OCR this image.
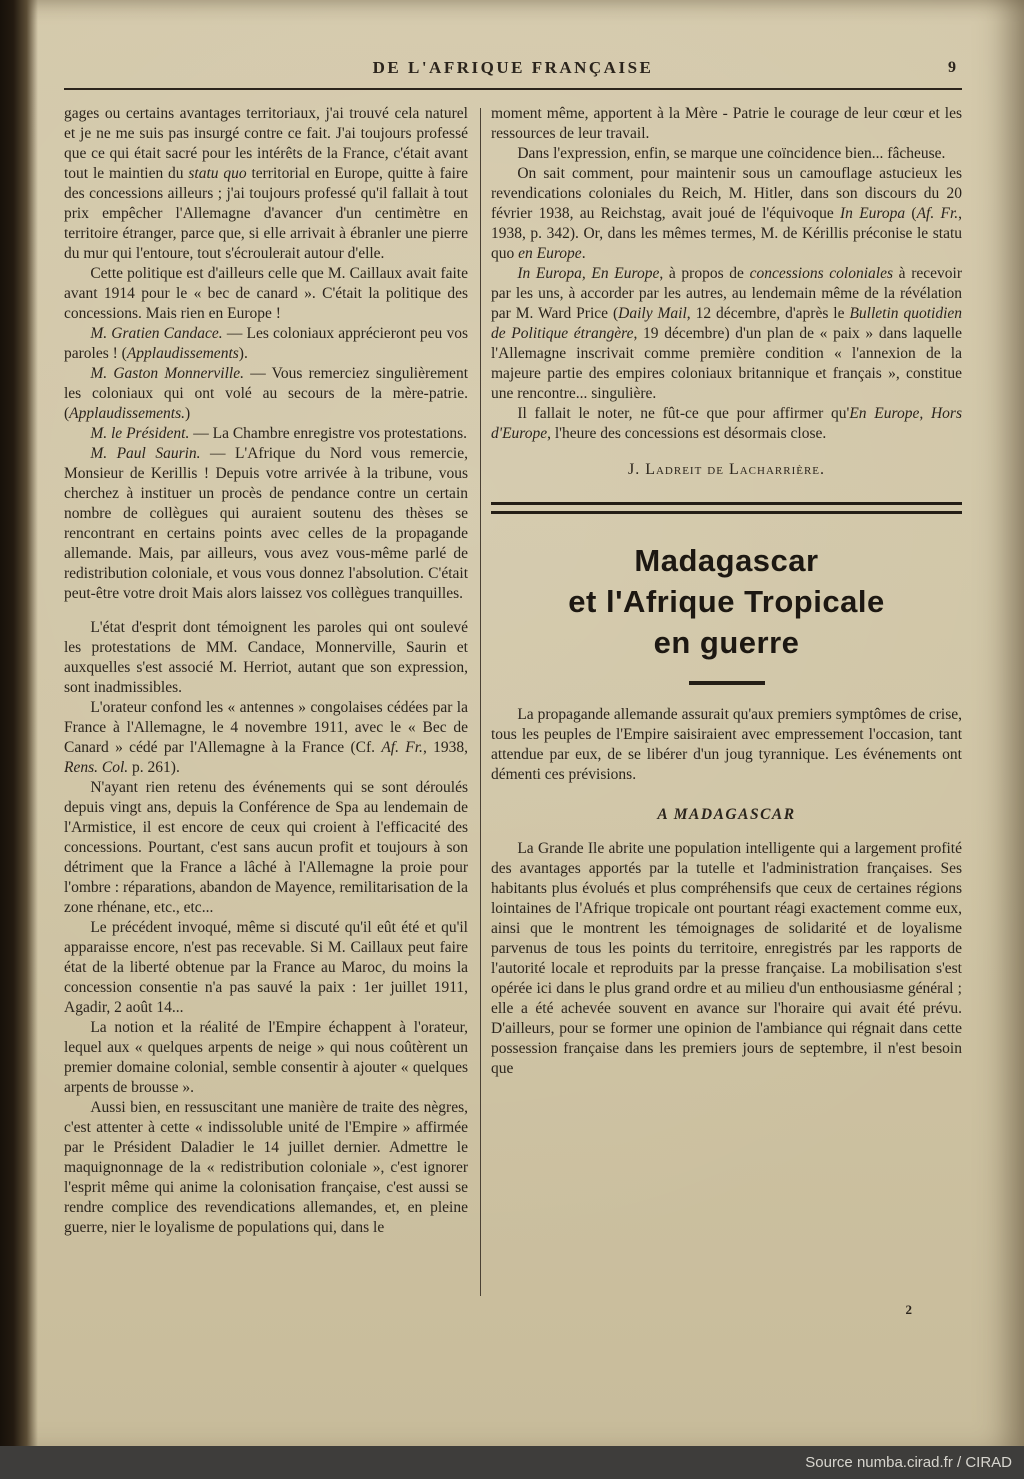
DE L'AFRIQUE FRANÇAISE	9

gages ou certains avantages territoriaux, j'ai trouvé cela naturel et je ne me suis pas insurgé contre ce fait. J'ai toujours professé que ce qui était sacré pour les intérêts de la France, c'était avant tout le maintien du statu quo territorial en Europe, quitte à faire des concessions ailleurs ; j'ai toujours professé qu'il fallait à tout prix empêcher l'Allemagne d'avancer d'un centimètre en territoire étranger, parce que, si elle arrivait à ébranler une pierre du mur qui l'entoure, tout s'écroulerait autour d'elle.

Cette politique est d'ailleurs celle que M. Caillaux avait faite avant 1914 pour le « bec de canard ». C'était la politique des concessions. Mais rien en Europe !

M. Gratien Candace. — Les coloniaux apprécieront peu vos paroles ! (Applaudissements).

M. Gaston Monnerville. — Vous remerciez singulièrement les coloniaux qui ont volé au secours de la mère-patrie. (Applaudissements.)

M. le Président. — La Chambre enregistre vos protestations.

M. Paul Saurin. — L'Afrique du Nord vous remercie, Monsieur de Kerillis ! Depuis votre arrivée à la tribune, vous cherchez à instituer un procès de pendance contre un certain nombre de collègues qui auraient soutenu des thèses se rencontrant en certains points avec celles de la propagande allemande. Mais, par ailleurs, vous avez vous-même parlé de redistribution coloniale, et vous vous donnez l'absolution. C'était peut-être votre droit Mais alors laissez vos collègues tranquilles.

L'état d'esprit dont témoignent les paroles qui ont soulevé les protestations de MM. Candace, Monnerville, Saurin et auxquelles s'est associé M. Herriot, autant que son expression, sont inadmissibles.

L'orateur confond les « antennes » congolaises cédées par la France à l'Allemagne, le 4 novembre 1911, avec le « Bec de Canard » cédé par l'Allemagne à la France (Cf. Af. Fr., 1938, Rens. Col. p. 261).

N'ayant rien retenu des événements qui se sont déroulés depuis vingt ans, depuis la Conférence de Spa au lendemain de l'Armistice, il est encore de ceux qui croient à l'efficacité des concessions. Pourtant, c'est sans aucun profit et toujours à son détriment que la France a lâché à l'Allemagne la proie pour l'ombre : réparations, abandon de Mayence, remilitarisation de la zone rhénane, etc., etc...

Le précédent invoqué, même si discuté qu'il eût été et qu'il apparaisse encore, n'est pas recevable. Si M. Caillaux peut faire état de la liberté obtenue par la France au Maroc, du moins la concession consentie n'a pas sauvé la paix : 1er juillet 1911, Agadir, 2 août 14...

La notion et la réalité de l'Empire échappent à l'orateur, lequel aux « quelques arpents de neige » qui nous coûtèrent un premier domaine colonial, semble consentir à ajouter « quelques arpents de brousse ».

Aussi bien, en ressuscitant une manière de traite des nègres, c'est attenter à cette « indissoluble unité de l'Empire » affirmée par le Président Daladier le 14 juillet dernier. Admettre le maquignonnage de la « redistribution coloniale », c'est ignorer l'esprit même qui anime la colonisation française, c'est aussi se rendre complice des revendications allemandes, et, en pleine guerre, nier le loyalisme de populations qui, dans le

moment même, apportent à la Mère - Patrie le courage de leur cœur et les ressources de leur travail.

Dans l'expression, enfin, se marque une coïncidence bien... fâcheuse.

On sait comment, pour maintenir sous un camouflage astucieux les revendications coloniales du Reich, M. Hitler, dans son discours du 20 février 1938, au Reichstag, avait joué de l'équivoque In Europa (Af. Fr., 1938, p. 342). Or, dans les mêmes termes, M. de Kérillis préconise le statu quo en Europe.

In Europa, En Europe, à propos de concessions coloniales à recevoir par les uns, à accorder par les autres, au lendemain même de la révélation par M. Ward Price (Daily Mail, 12 décembre, d'après le Bulletin quotidien de Politique étrangère, 19 décembre) d'un plan de « paix » dans laquelle l'Allemagne inscrivait comme première condition « l'annexion de la majeure partie des empires coloniaux britannique et français », constitue une rencontre... singulière.

Il fallait le noter, ne fût-ce que pour affirmer qu'En Europe, Hors d'Europe, l'heure des concessions est désormais close.

J. Ladreit de Lacharrière.

Madagascar
et l'Afrique Tropicale
en guerre

La propagande allemande assurait qu'aux premiers symptômes de crise, tous les peuples de l'Empire saisiraient avec empressement l'occasion, tant attendue par eux, de se libérer d'un joug tyrannique. Les événements ont démenti ces prévisions.

A MADAGASCAR

La Grande Ile abrite une population intelligente qui a largement profité des avantages apportés par la tutelle et l'administration françaises. Ses habitants plus évolués et plus compréhensifs que ceux de certaines régions lointaines de l'Afrique tropicale ont pourtant réagi exactement comme eux, ainsi que le montrent les témoignages de solidarité et de loyalisme parvenus de tous les points du territoire, enregistrés par les rapports de l'autorité locale et reproduits par la presse française. La mobilisation s'est opérée ici dans le plus grand ordre et au milieu d'un enthousiasme général ; elle a été achevée souvent en avance sur l'horaire qui avait été prévu. D'ailleurs, pour se former une opinion de l'ambiance qui régnait dans cette possession française dans les premiers jours de septembre, il n'est besoin que

2
Source numba.cirad.fr / CIRAD
